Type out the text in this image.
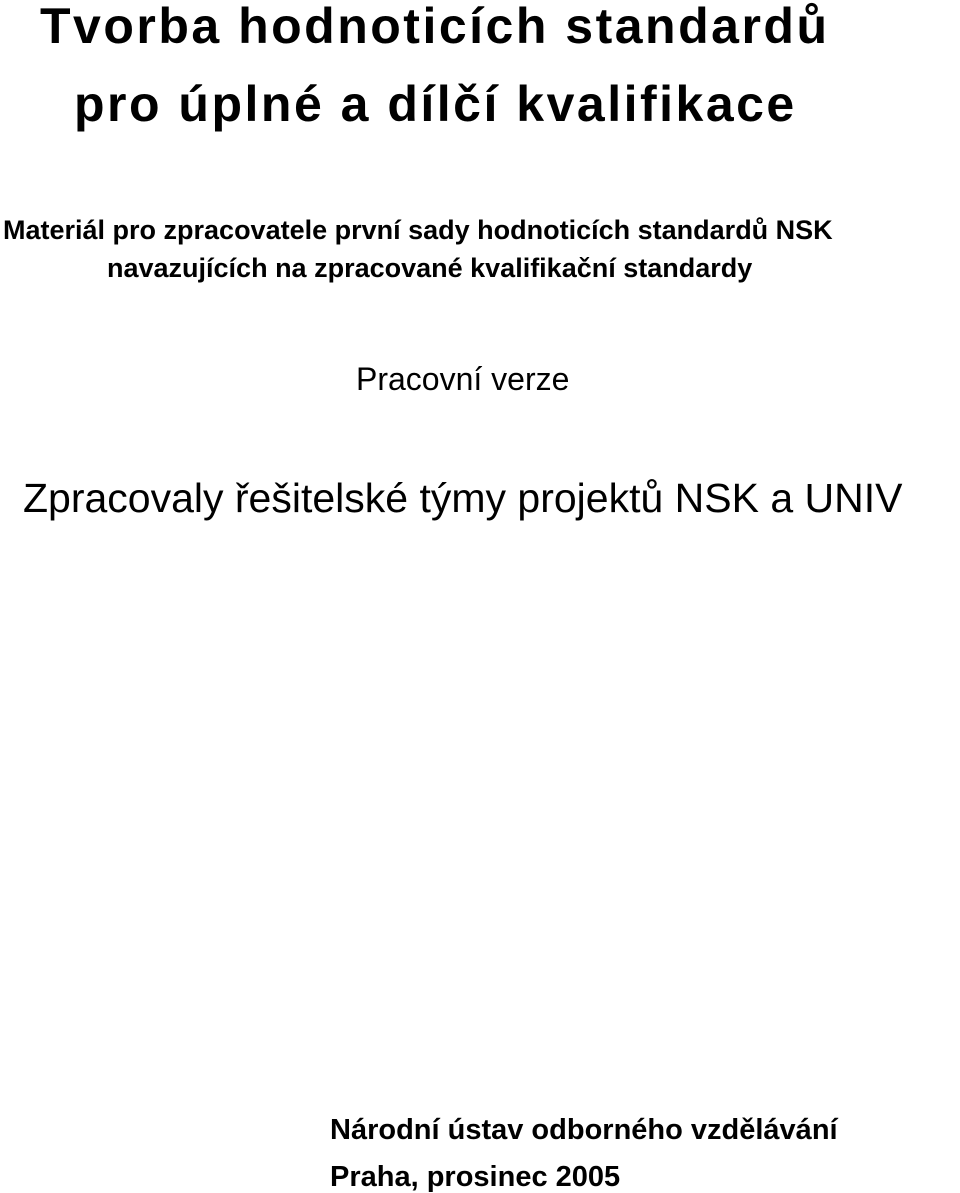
Tvorba hodnoticích standardů
pro úplné a dílčí kvalifikace

Materiál pro zpracovatele první sady hodnoticích standardů NSK

navazujících na zpracované kvalifikační standardy

Pracovní verze

Zpracovaly řešitelské týmy projektů NSK a UNIV

Národní ústav odborného vzdělávání

Praha, prosinec 2005
